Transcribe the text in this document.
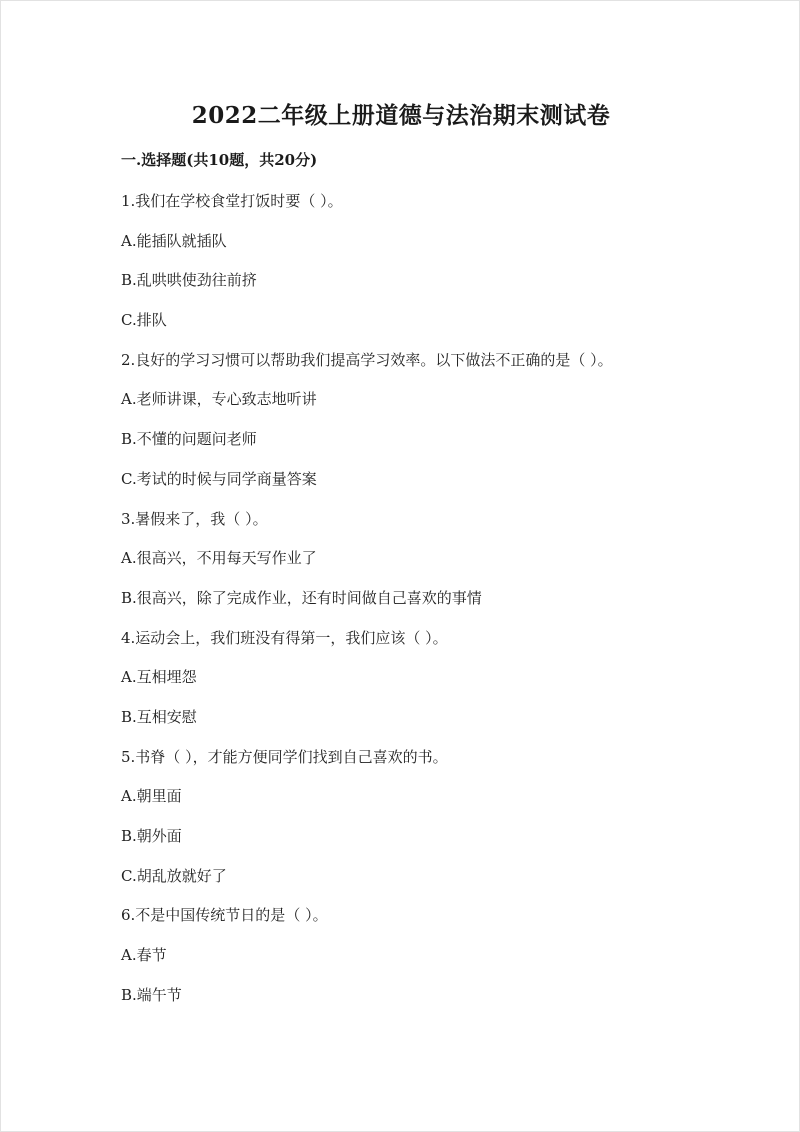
2022二年级上册道德与法治期末测试卷
一.选择题(共10题，共20分)
1.我们在学校食堂打饭时要（ ）。
A.能插队就插队
B.乱哄哄使劲往前挤
C.排队
2.良好的学习习惯可以帮助我们提高学习效率。以下做法不正确的是（ ）。
A.老师讲课，专心致志地听讲
B.不懂的问题问老师
C.考试的时候与同学商量答案
3.暑假来了，我（ ）。
A.很高兴，不用每天写作业了
B.很高兴，除了完成作业，还有时间做自己喜欢的事情
4.运动会上，我们班没有得第一，我们应该（ ）。
A.互相埋怨
B.互相安慰
5.书脊（ ），才能方便同学们找到自己喜欢的书。
A.朝里面
B.朝外面
C.胡乱放就好了
6.不是中国传统节日的是（ ）。
A.春节
B.端午节
